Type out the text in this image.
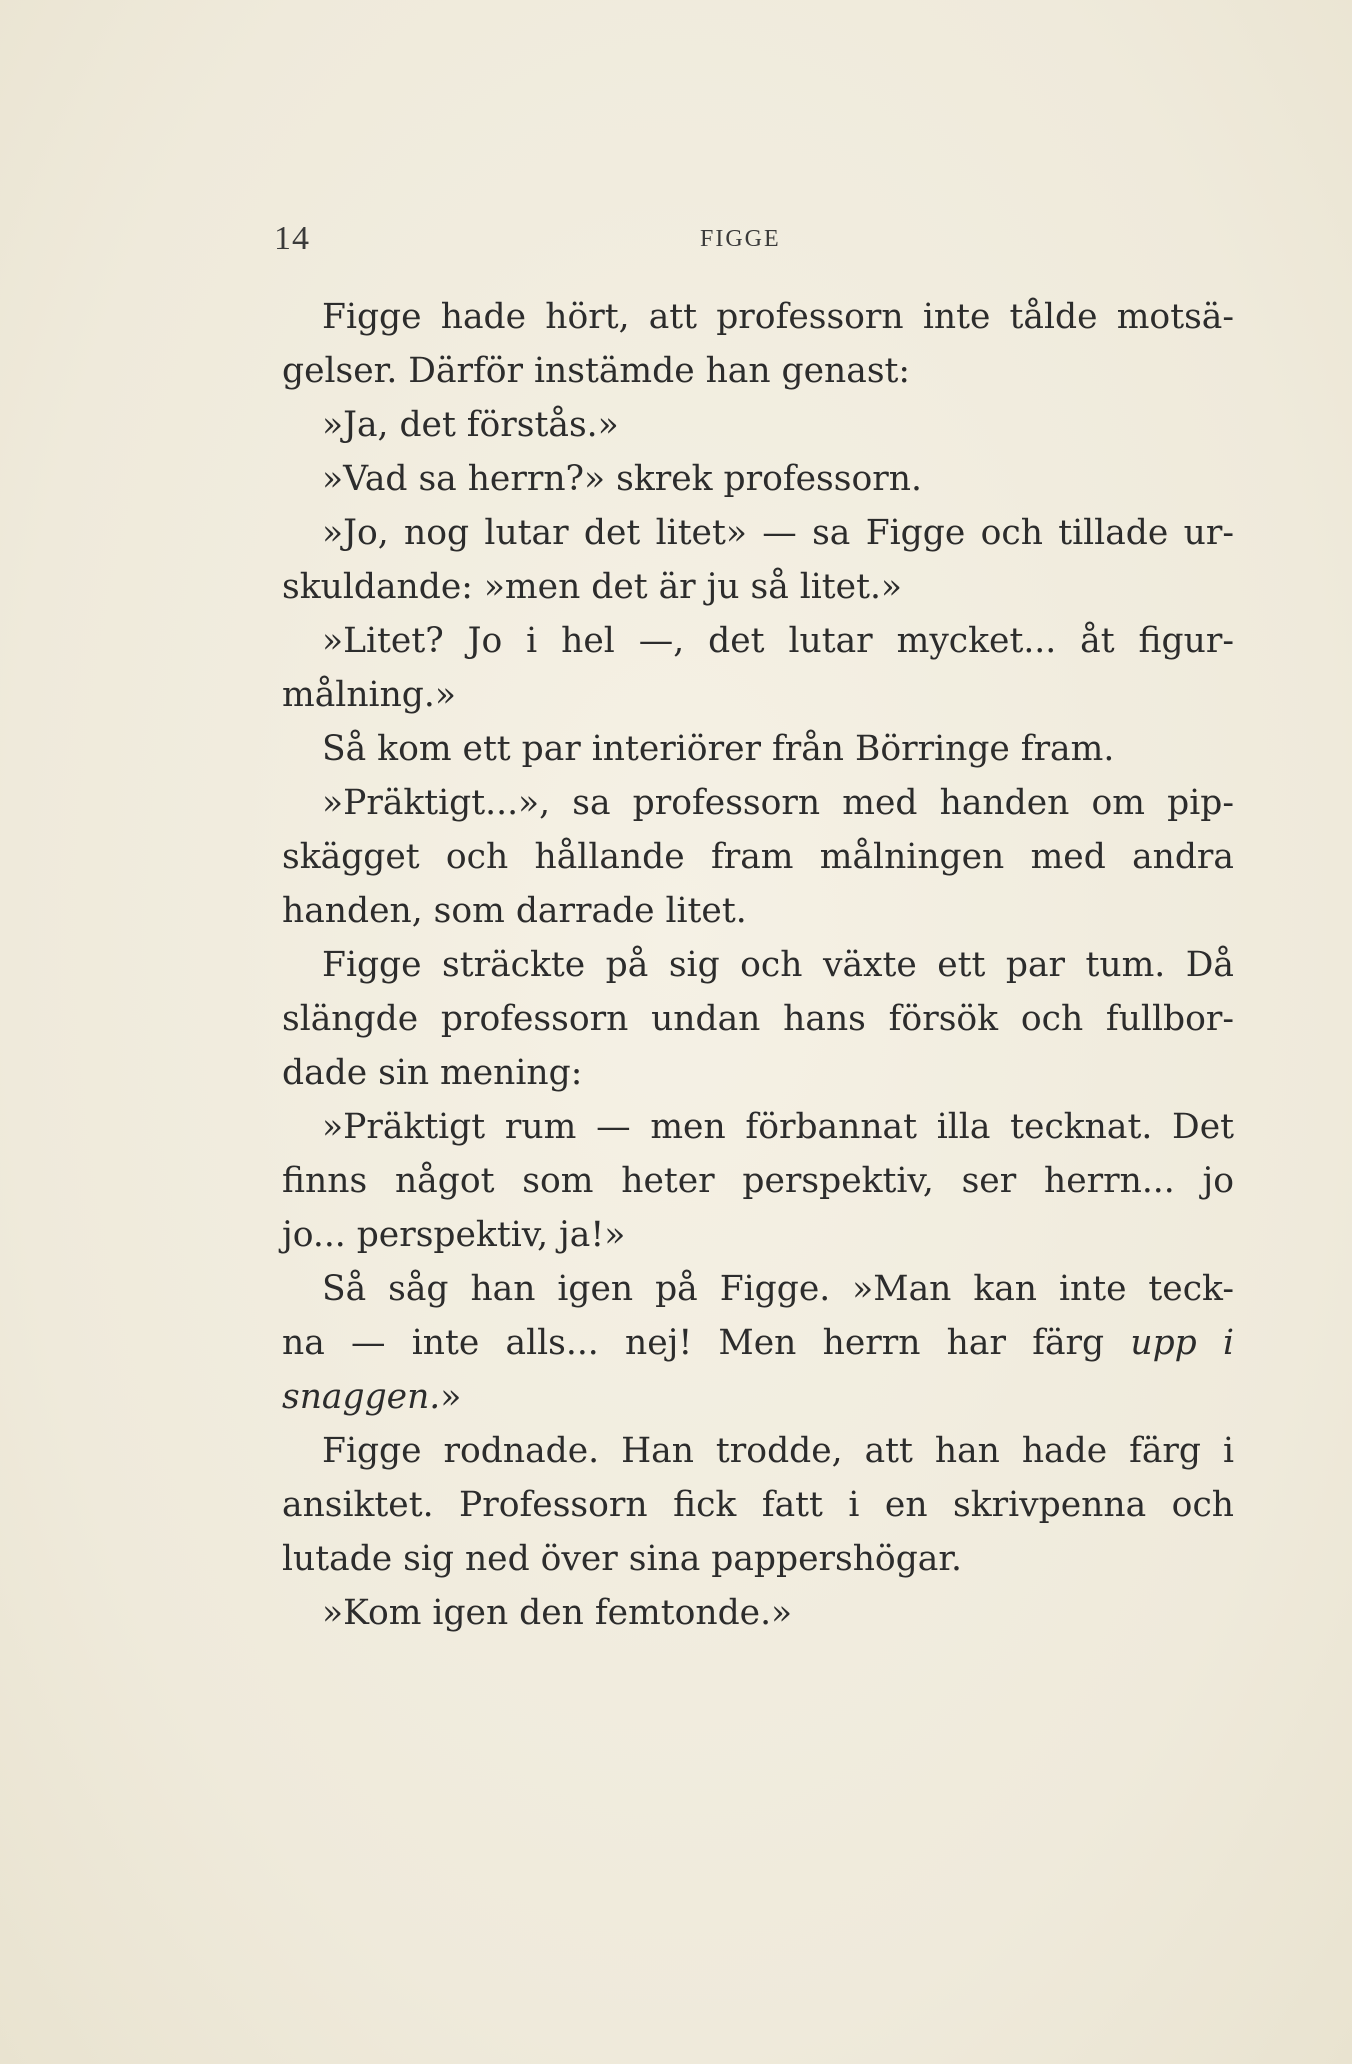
14	FIGGE
Figge hade hört, att professorn inte tålde motsä-
gelser. Därför instämde han genast:
»Ja, det förstås.»
»Vad sa herrn?» skrek professorn.
»Jo, nog lutar det litet» — sa Figge och tillade ur-
skuldande: »men det är ju så litet.»
»Litet? Jo i hel —, det lutar mycket... åt figur-
målning.»
Så kom ett par interiörer från Börringe fram.
»Präktigt...», sa professorn med handen om pip-
skägget och hållande fram målningen med andra
handen, som darrade litet.
Figge sträckte på sig och växte ett par tum. Då
slängde professorn undan hans försök och fullbor-
dade sin mening:
»Präktigt rum — men förbannat illa tecknat. Det
finns något som heter perspektiv, ser herrn... jo
jo... perspektiv, ja!»
Så såg han igen på Figge. »Man kan inte teck-
na — inte alls... nej! Men herrn har färg upp i
snaggen.»
Figge rodnade. Han trodde, att han hade färg i
ansiktet. Professorn fick fatt i en skrivpenna och
lutade sig ned över sina pappershögar.
»Kom igen den femtonde.»
